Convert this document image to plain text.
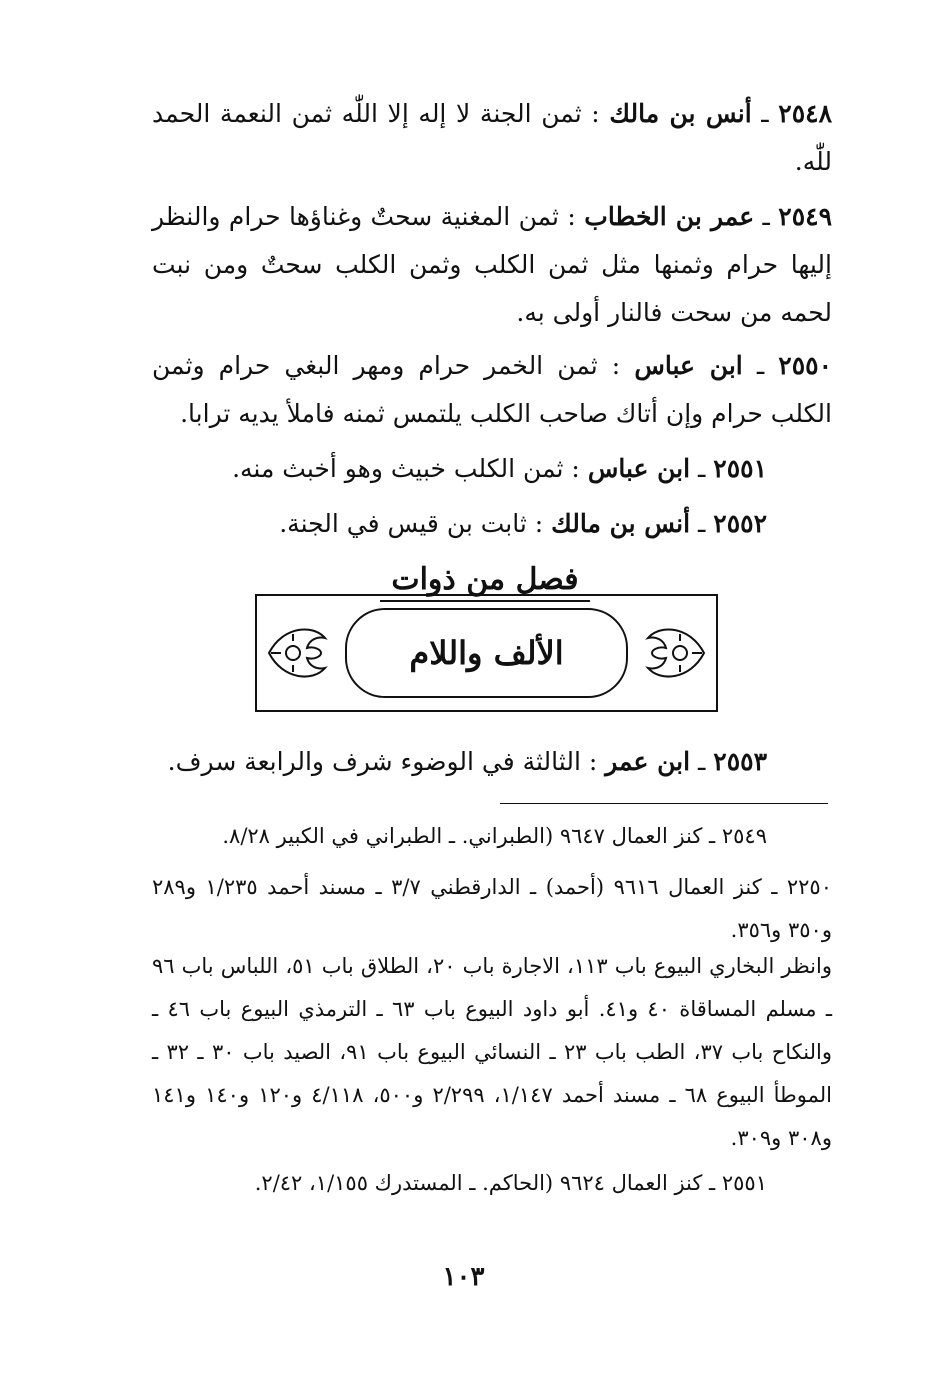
٢٥٤٨ ـ أنس بن مالك : ثمن الجنة لا إله إلا اللّٰه ثمن النعمة الحمد للّٰه.
٢٥٤٩ ـ عمر بن الخطاب : ثمن المغنية سحتٌ وغناؤها حرام والنظر إليها حرام وثمنها مثل ثمن الكلب وثمن الكلب سحتٌ ومن نبت لحمه من سحت فالنار أولى به.
٢٥٥٠ ـ ابن عباس : ثمن الخمر حرام ومهر البغي حرام وثمن الكلب حرام وإن أتاك صاحب الكلب يلتمس ثمنه فاملأ يديه ترابا.
٢٥٥١ ـ ابن عباس : ثمن الكلب خبيث وهو أخبث منه.
٢٥٥٢ ـ أنس بن مالك : ثابت بن قيس في الجنة.
فصل من ذوات
الألف واللام
٢٥٥٣ ـ ابن عمر : الثالثة في الوضوء شرف والرابعة سرف.
٢٥٤٩ ـ كنز العمال ٩٦٤٧ (الطبراني. ـ الطبراني في الكبير ٨/٢٨.
٢٢٥٠ ـ كنز العمال ٩٦١٦ (أحمد) ـ الدارقطني ٣/٧ ـ مسند أحمد ١/٢٣٥ و٢٨٩ و٣٥٠ و٣٥٦.
وانظر البخاري البيوع باب ١١٣، الاجارة باب ٢٠، الطلاق باب ٥١، اللباس باب ٩٦ ـ مسلم المساقاة ٤٠ و٤١. أبو داود البيوع باب ٦٣ ـ الترمذي البيوع باب ٤٦ ـ والنكاح باب ٣٧، الطب باب ٢٣ ـ النسائي البيوع باب ٩١، الصيد باب ٣٠ ـ ٣٢ ـ الموطأ البيوع ٦٨ ـ مسند أحمد ١/١٤٧، ٢/٢٩٩ و٥٠٠، ٤/١١٨ و١٢٠ و١٤٠ و١٤١ و٣٠٨ و٣٠٩.
٢٥٥١ ـ كنز العمال ٩٦٢٤ (الحاكم. ـ المستدرك ١/١٥٥، ٢/٤٢.
١٠٣
